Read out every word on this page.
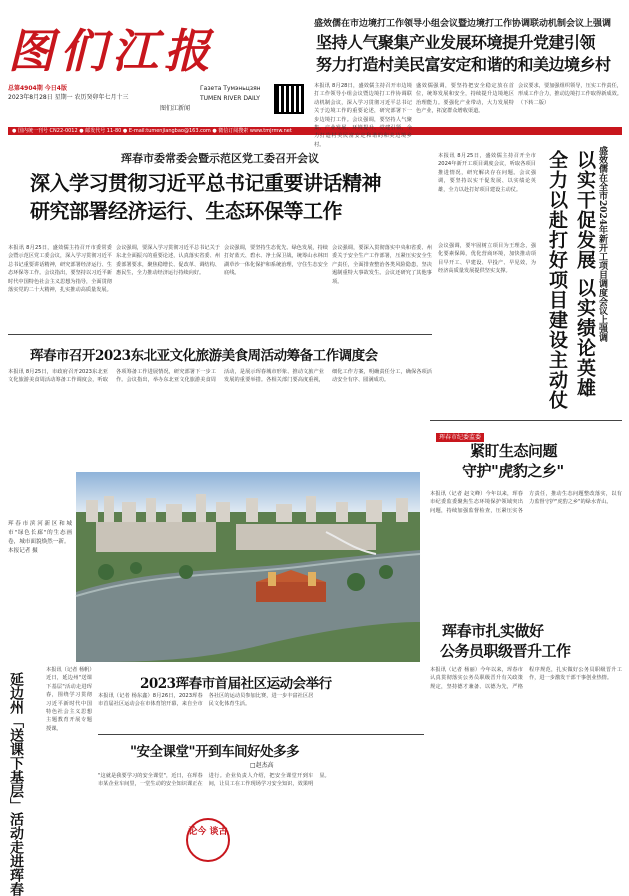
图们江报
总第4904期 今日4版
2023年8月28日 星期一 农历癸卯年七月十三
图们江新闻
Газета Тумэньцзян
TUMEN RIVER DAILY
● 国内统一刊号 CN22-0012 ● 邮发代号 11-80 ● E-mail:tumenjiangbao@163.com ● 微信订阅搜索 www.tmjrmw.net
盛效儒在市边境打工作领导小组会议暨边境打工作协调联动机制会议上强调
坚持人气聚集产业发展环境提升党建引领
努力打造村美民富安定和谐的和美边境乡村
本报讯 8月28日，盛效儒主持召开市边境打工作领导小组会议暨边境打工作协调联动机制会议，深入学习贯彻习近平总书记关于边境工作的重要论述，研究部署下一步边境打工作。会议强调，要坚持人气聚集、产业发展、环境提升、党建引领，全力打造村美民富安定和谐的和美边境乡村。
盛效儒强调，要坚持把安全稳定放在首位，统筹发展和安全，持续提升边境地区治理能力。要强化产业带动，大力发展特色产业，拓宽群众增收渠道。
会议要求，要加强组织领导，压实工作责任，形成工作合力，推动边境打工作取得新成效。（下转二版）
珲春市委常委会暨示范区党工委召开会议
深入学习贯彻习近平总书记重要讲话精神
研究部署经济运行、生态环保等工作
本报讯 8月25日，盛效儒主持召开市委常委会暨示范区党工委会议，深入学习贯彻习近平总书记重要讲话精神，研究部署经济运行、生态环保等工作。会议指出，要坚持以习近平新时代中国特色社会主义思想为指导，全面贯彻落实党的二十大精神，扎实推动高质量发展。
会议强调，要深入学习贯彻习近平总书记关于东北全面振兴的重要论述，认真落实省委、州委部署要求，聚焦稳增长、促改革、调结构、惠民生，全力推动经济运行持续向好。
会议强调，要坚持生态优先、绿色发展，持续打好蓝天、碧水、净土保卫战，统筹山水林田湖草沙一体化保护和系统治理，守住生态安全底线。
会议强调，要深入贯彻落实中央和省委、州委关于安全生产工作部署，压紧压实安全生产责任，全面排查整治各类风险隐患，坚决遏制重特大事故发生。会议还研究了其他事项。
珲春市召开2023东北亚文化旅游美食周活动筹备工作调度会
本报讯 8月25日，市政府召开2023东北亚文化旅游美食周活动筹备工作调度会，听取各项筹备工作进展情况，研究部署下一步工作。会议指出，举办东北亚文化旅游美食周活动，是展示珲春城市形象、推动文旅产业发展的重要举措。各相关部门要高度重视，细化工作方案，明确责任分工，确保各项活动安全有序、圆满成功。
珲春市滨河新区和城市"绿色长廊"的生态画卷，城市面貌焕然一新。
本报记者 摄
盛效儒在全市2024年新开工项目调度会议上强调
以实干促发展 以实绩论英雄
全力以赴打好项目建设主动仗
本报讯 8月25日，盛效儒主持召开全市2024年新开工项目调度会议，听取各项目推进情况，研究解决存在问题。会议强调，要坚持以实干促发展、以实绩论英雄，全力以赴打好项目建设主动仗。
会议强调，要牢固树立项目为王理念，强化要素保障，优化营商环境，加快推动项目早开工、早建设、早投产、早见效，为经济高质量发展提供坚实支撑。
珲春市纪委监委
紧盯生态问题
守护"虎豹之乡"
本报讯（记者 赵文峰）今年以来，珲春市纪委监委聚焦生态环境保护领域突出问题，持续加强监督检查，压紧压实各方责任，推动生态问题整改落实，以有力监督守护"虎豹之乡"的绿水青山。
珲春市扎实做好
公务员职级晋升工作
本报讯（记者 杨丽）今年以来，珲春市认真贯彻落实公务员职级晋升有关政策规定，坚持德才兼备、以德为先，严格程序规范，扎实做好公务员职级晋升工作，进一步激发干部干事创业热情。
延边州「送课下基层」活动走进珲春
本报讯（记者 杨帆）近日，延边州"送课下基层"活动走进珲春，围绕学习贯彻习近平新时代中国特色社会主义思想主题教育开展专题授课。
2023珲春市首届社区运动会举行
本报讯（记者 杨东鑫）8月26日，2023珲春市首届社区运动会在市体育馆开幕，来自全市各社区的运动员参加比赛，进一步丰富社区居民文化体育生活。
"安全课堂"开到车间好处多多
□赵杰高
"这就是我要学习的安全课堂"，近日，在珲春市某企业车间里，一堂生动的安全知识课正在进行。企业负责人介绍，把安全课堂开到车间，让员工在工作现场学习安全知识，效果明显。
论今 谈古
